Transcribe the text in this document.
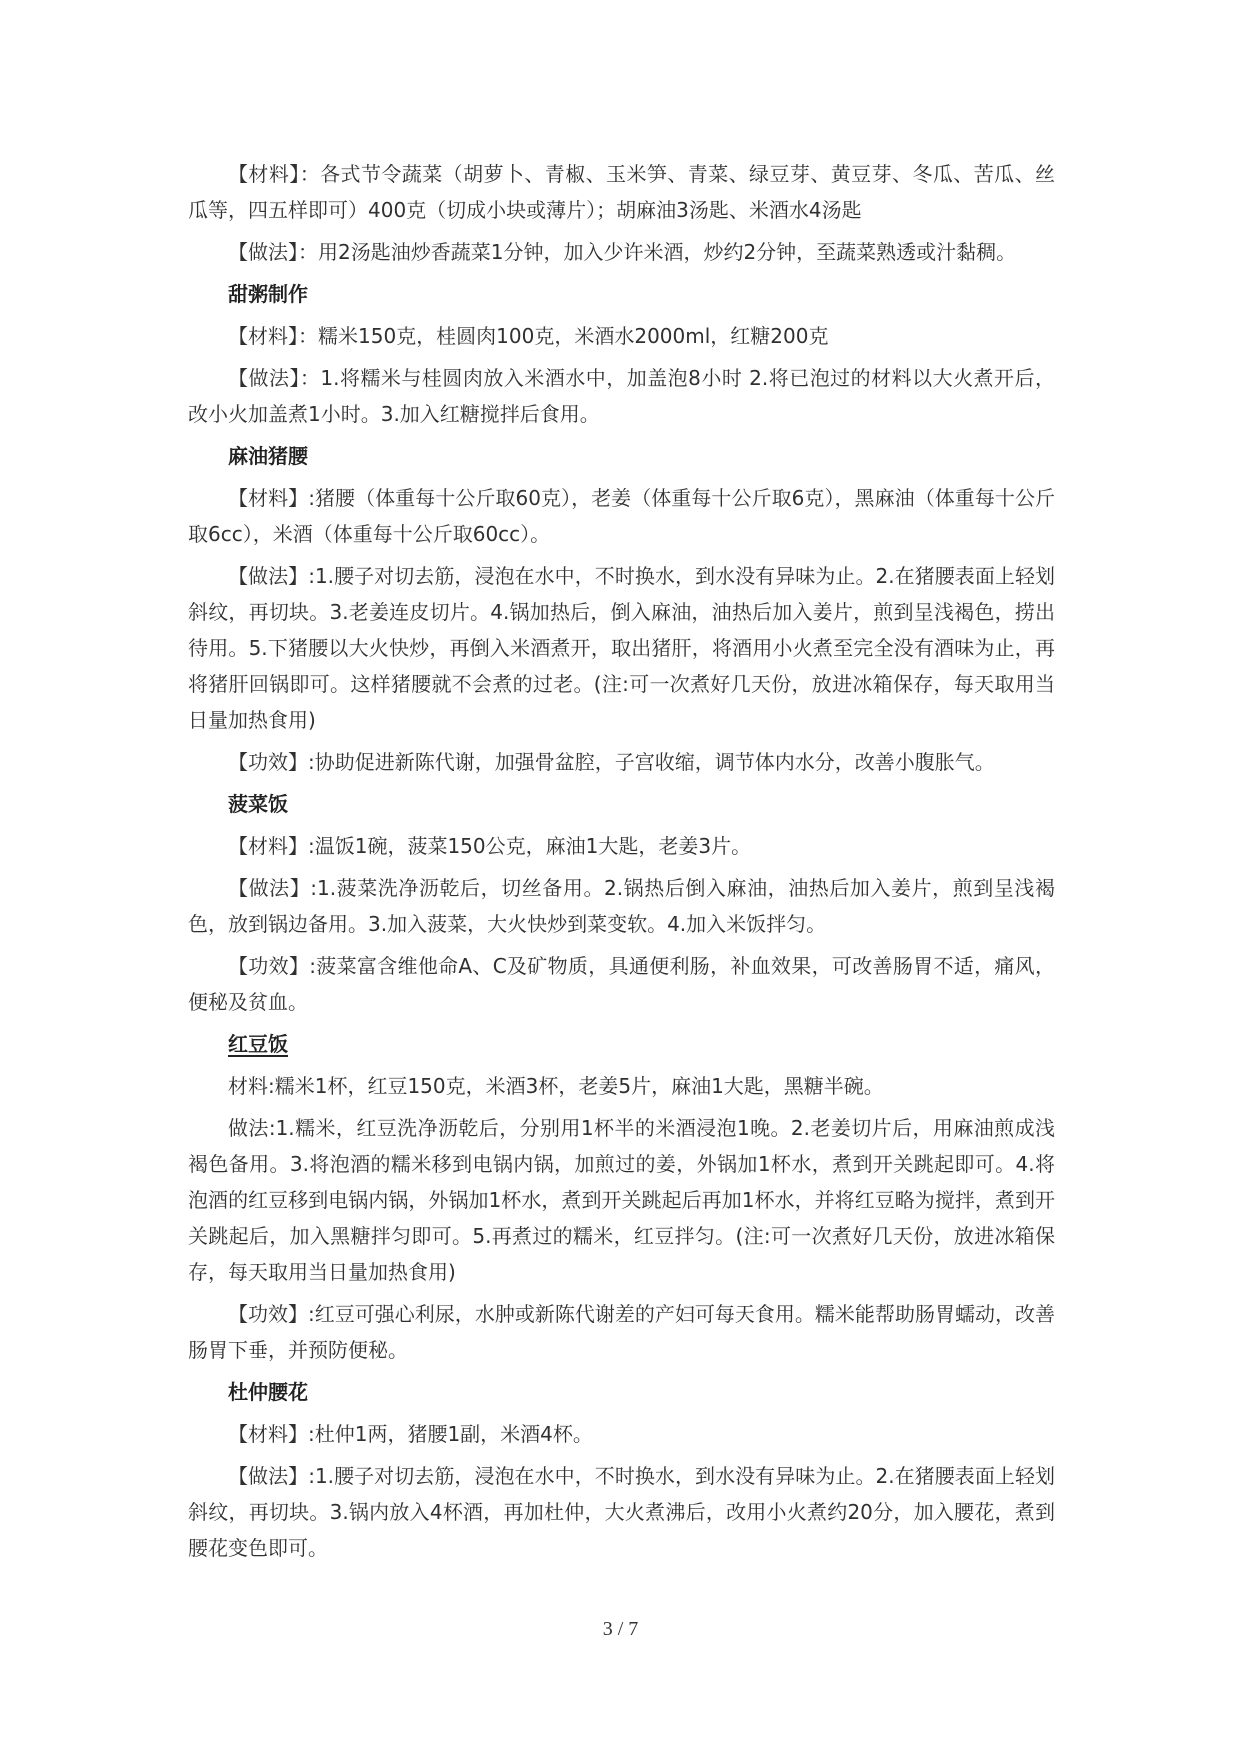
【材料】：各式节令蔬菜（胡萝卜、青椒、玉米笋、青菜、绿豆芽、黄豆芽、冬瓜、苦瓜、丝瓜等，四五样即可）400克（切成小块或薄片）；胡麻油3汤匙、米酒水4汤匙

【做法】：用2汤匙油炒香蔬菜1分钟，加入少许米酒，炒约2分钟，至蔬菜熟透或汁黏稠。

甜粥制作

【材料】：糯米150克，桂圆肉100克，米酒水2000ml，红糖200克

【做法】：1.将糯米与桂圆肉放入米酒水中，加盖泡8小时 2.将已泡过的材料以大火煮开后，改小火加盖煮1小时。3.加入红糖搅拌后食用。

麻油猪腰

【材料】:猪腰（体重每十公斤取60克），老姜（体重每十公斤取6克），黑麻油（体重每十公斤取6cc），米酒（体重每十公斤取60cc）。

【做法】:1.腰子对切去筋，浸泡在水中，不时换水，到水没有异味为止。2.在猪腰表面上轻划斜纹，再切块。3.老姜连皮切片。4.锅加热后，倒入麻油，油热后加入姜片，煎到呈浅褐色，捞出待用。5.下猪腰以大火快炒，再倒入米酒煮开，取出猪肝，将酒用小火煮至完全没有酒味为止，再将猪肝回锅即可。这样猪腰就不会煮的过老。(注:可一次煮好几天份，放进冰箱保存，每天取用当日量加热食用)

【功效】:协助促进新陈代谢，加强骨盆腔，子宫收缩，调节体内水分，改善小腹胀气。

菠菜饭

【材料】:温饭1碗，菠菜150公克，麻油1大匙，老姜3片。

【做法】:1.菠菜洗净沥乾后，切丝备用。2.锅热后倒入麻油，油热后加入姜片，煎到呈浅褐色，放到锅边备用。3.加入菠菜，大火快炒到菜变软。4.加入米饭拌匀。

【功效】:菠菜富含维他命A、C及矿物质，具通便利肠，补血效果，可改善肠胃不适，痛风，便秘及贫血。

红豆饭

材料:糯米1杯，红豆150克，米酒3杯，老姜5片，麻油1大匙，黑糖半碗。

做法:1.糯米，红豆洗净沥乾后，分别用1杯半的米酒浸泡1晚。2.老姜切片后，用麻油煎成浅褐色备用。3.将泡酒的糯米移到电锅内锅，加煎过的姜，外锅加1杯水，煮到开关跳起即可。4.将泡酒的红豆移到电锅内锅，外锅加1杯水，煮到开关跳起后再加1杯水，并将红豆略为搅拌，煮到开关跳起后，加入黑糖拌匀即可。5.再煮过的糯米，红豆拌匀。(注:可一次煮好几天份，放进冰箱保存，每天取用当日量加热食用)

【功效】:红豆可强心利尿，水肿或新陈代谢差的产妇可每天食用。糯米能帮助肠胃蠕动，改善肠胃下垂，并预防便秘。

杜仲腰花

【材料】:杜仲1两，猪腰1副，米酒4杯。

【做法】:1.腰子对切去筋，浸泡在水中，不时换水，到水没有异味为止。2.在猪腰表面上轻划斜纹，再切块。3.锅内放入4杯酒，再加杜仲，大火煮沸后，改用小火煮约20分，加入腰花，煮到腰花变色即可。

3 / 7
